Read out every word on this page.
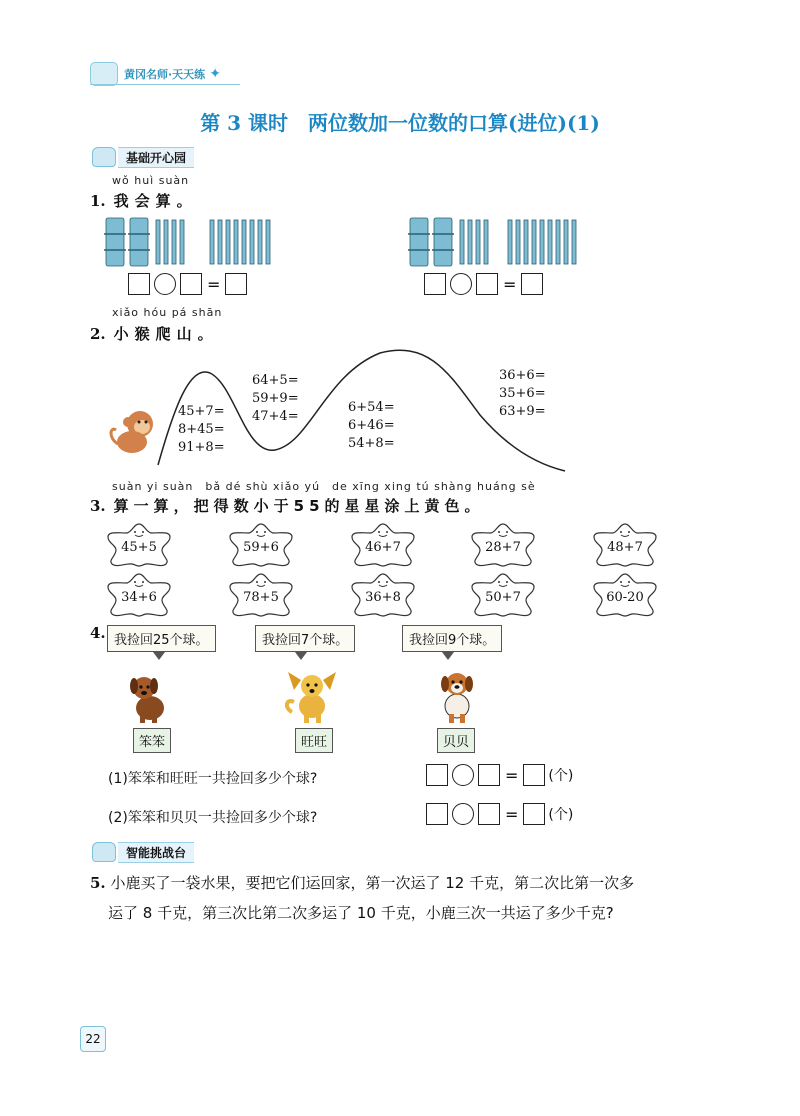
黄冈名师·天天练 ✦
第 3 课时　两位数加一位数的口算(进位)(1)
基础开心园
wǒ huì suàn
1. 我会算。
=	=
xiǎo hóu pá shān
2. 小猴爬山。
45+7=
8+45=
91+8=
64+5=
59+9=
47+4=
6+54=
6+46=
54+8=
36+6=
35+6=
63+9=
suàn yi suàn　bǎ dé shù xiǎo yú　de xīng xing tú shàng huáng sè
3. 算一算，把得数小于55的星星涂上黄色。
45+5	59+6	46+7	28+7	48+7
34+6	78+5	36+8	50+7	60-20
4. 我捡回25个球。	我捡回7个球。	我捡回9个球。
笨笨	旺旺	贝贝
(1)笨笨和旺旺一共捡回多少个球?	= (个)
(2)笨笨和贝贝一共捡回多少个球?	= (个)
智能挑战台
5. 小鹿买了一袋水果，要把它们运回家，第一次运了 12 千克，第二次比第一次多
运了 8 千克，第三次比第二次多运了 10 千克，小鹿三次一共运了多少千克?
22
